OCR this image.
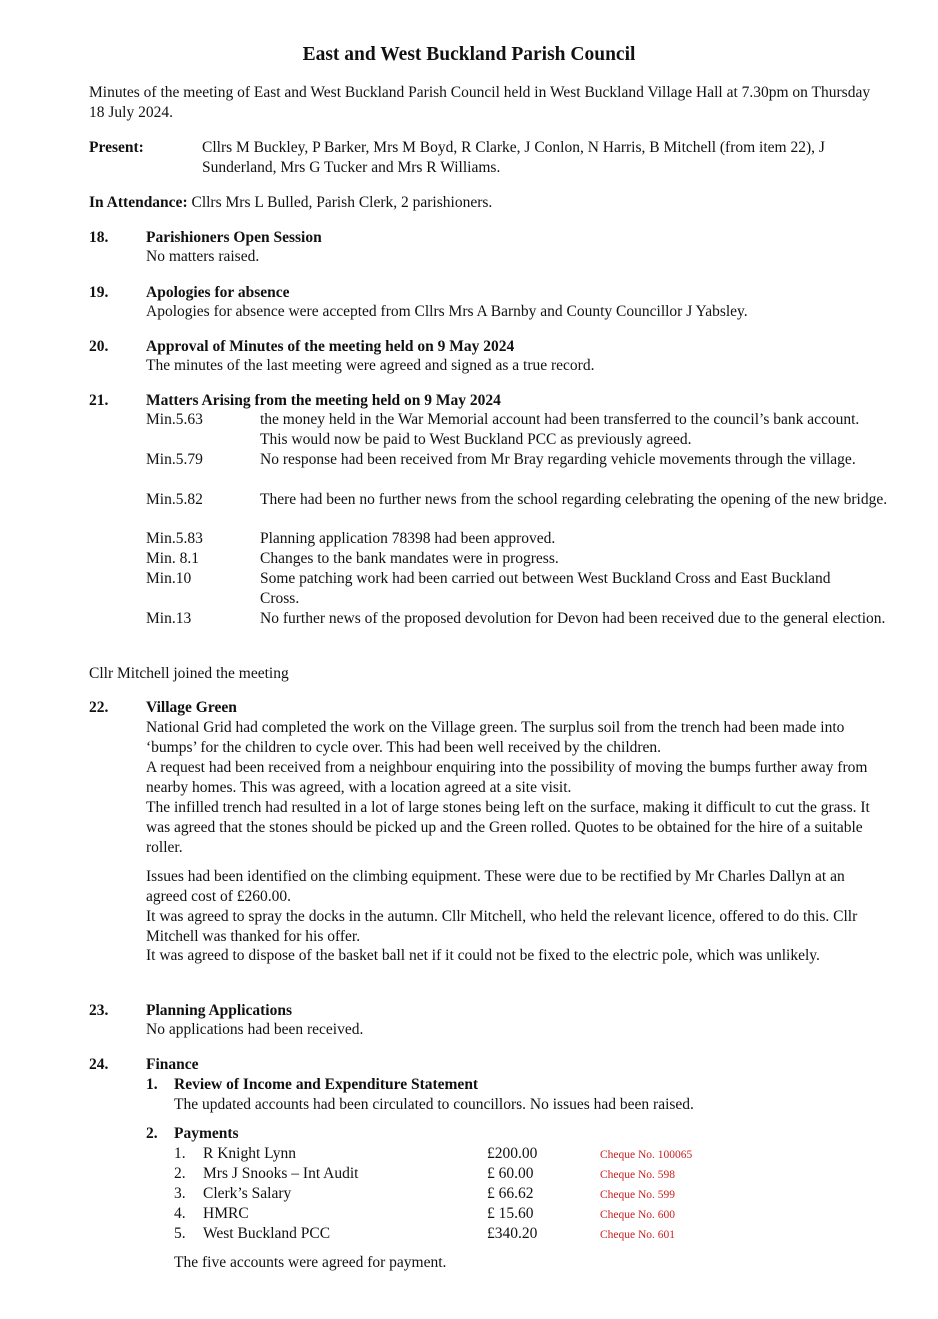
East and West Buckland Parish Council
Minutes of the meeting of East and West Buckland Parish Council held in West Buckland Village Hall at 7.30pm on Thursday 18 July 2024.
Present:	Cllrs M Buckley, P Barker, Mrs M Boyd, R Clarke, J Conlon, N Harris, B Mitchell (from item 22), J Sunderland, Mrs G Tucker and Mrs R Williams.
In Attendance: Cllrs Mrs L Bulled, Parish Clerk, 2 parishioners.
18. Parishioners Open Session
No matters raised.
19. Apologies for absence
Apologies for absence were accepted from Cllrs Mrs A Barnby and County Councillor J Yabsley.
20. Approval of Minutes of the meeting held on 9 May 2024
The minutes of the last meeting were agreed and signed as a true record.
21. Matters Arising from the meeting held on 9 May 2024
Min.5.63	the money held in the War Memorial account had been transferred to the council’s bank account. This would now be paid to West Buckland PCC as previously agreed.
Min.5.79	No response had been received from Mr Bray regarding vehicle movements through the village.
Min.5.82	There had been no further news from the school regarding celebrating the opening of the new bridge.
Min.5.83	Planning application 78398 had been approved.
Min. 8.1	Changes to the bank mandates were in progress.
Min.10	Some patching work had been carried out between West Buckland Cross and East Buckland Cross.
Min.13	No further news of the proposed devolution for Devon had been received due to the general election.
Cllr Mitchell joined the meeting
22. Village Green
National Grid had completed the work on the Village green. The surplus soil from the trench had been made into ‘bumps’ for the children to cycle over. This had been well received by the children.
A request had been received from a neighbour enquiring into the possibility of moving the bumps further away from nearby homes. This was agreed, with a location agreed at a site visit.
The infilled trench had resulted in a lot of large stones being left on the surface, making it difficult to cut the grass. It was agreed that the stones should be picked up and the Green rolled. Quotes to be obtained for the hire of a suitable roller.
Issues had been identified on the climbing equipment. These were due to be rectified by Mr Charles Dallyn at an agreed cost of £260.00.
It was agreed to spray the docks in the autumn. Cllr Mitchell, who held the relevant licence, offered to do this. Cllr Mitchell was thanked for his offer.
It was agreed to dispose of the basket ball net if it could not be fixed to the electric pole, which was unlikely.
23. Planning Applications
No applications had been received.
24. Finance
1. Review of Income and Expenditure Statement
The updated accounts had been circulated to councillors. No issues had been raised.
2. Payments
1. R Knight Lynn	£200.00	Cheque No. 100065
2. Mrs J Snooks – Int Audit	£ 60.00	Cheque No. 598
3. Clerk’s Salary	£ 66.62	Cheque No. 599
4. HMRC	£ 15.60	Cheque No. 600
5. West Buckland PCC	£340.20	Cheque No. 601
The five accounts were agreed for payment.
